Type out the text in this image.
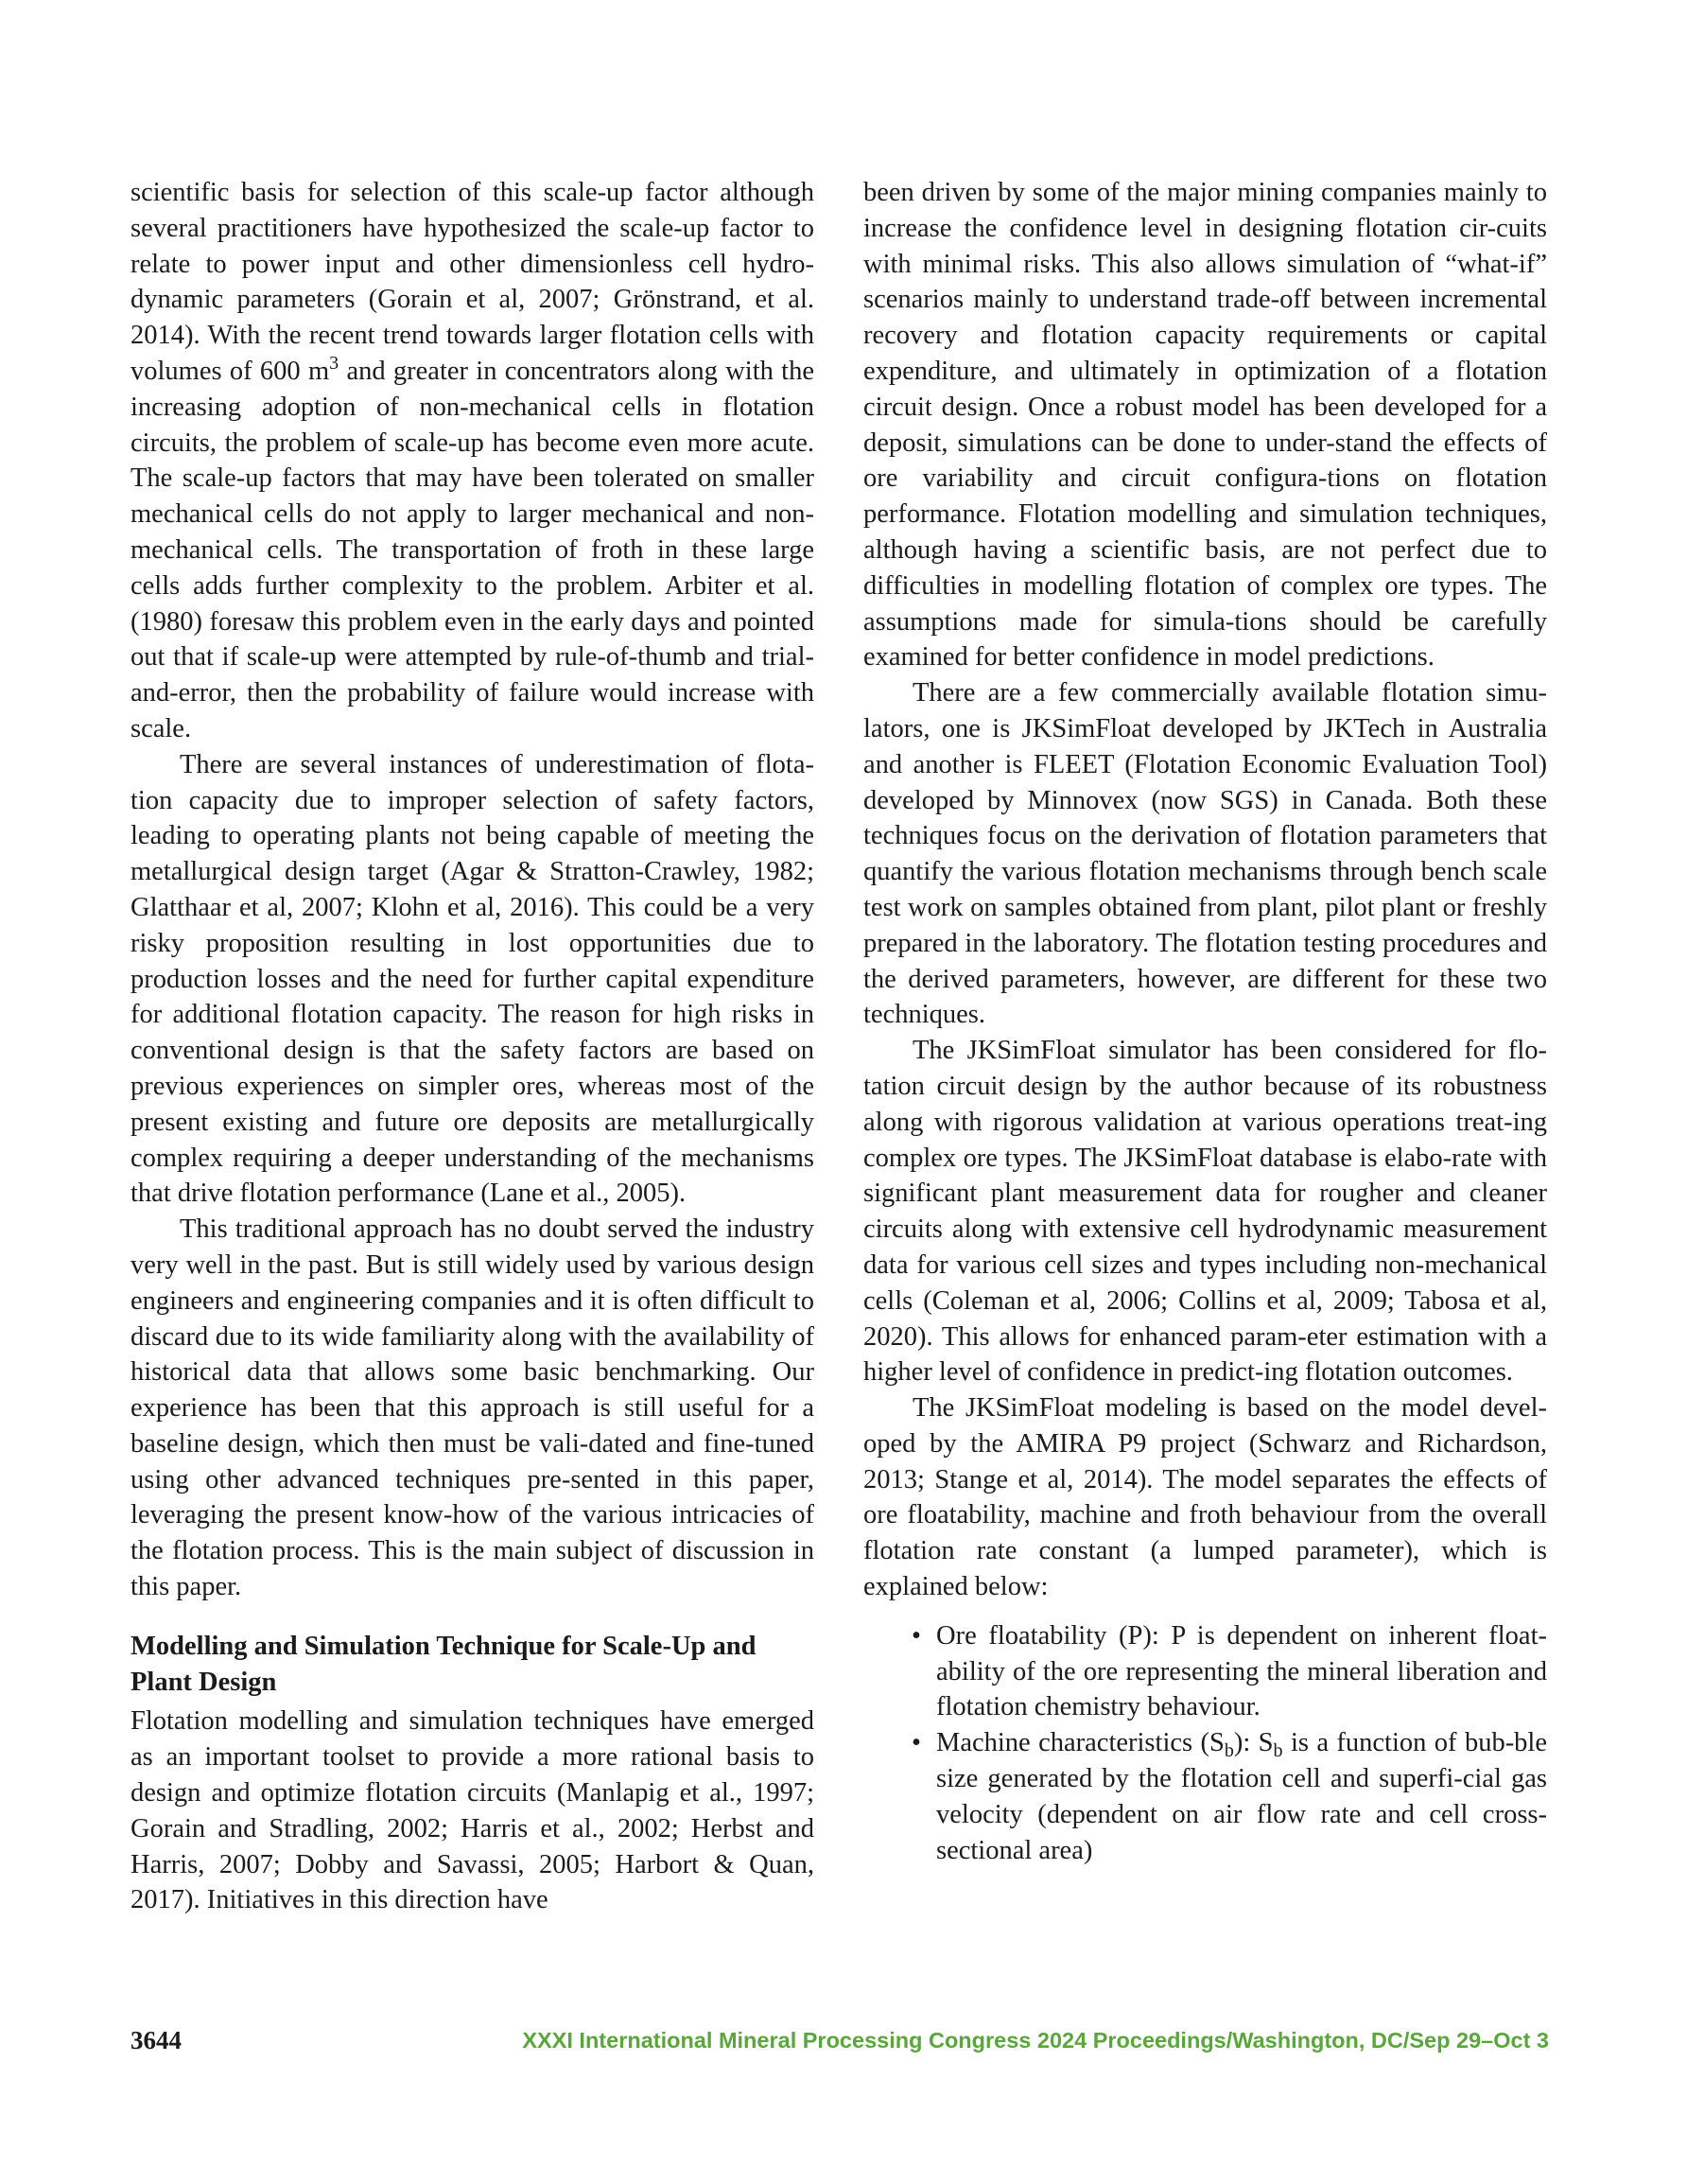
scientific basis for selection of this scale-up factor although several practitioners have hypothesized the scale-up factor to relate to power input and other dimensionless cell hydro-dynamic parameters (Gorain et al, 2007; Grönstrand, et al. 2014). With the recent trend towards larger flotation cells with volumes of 600 $m^3$ and greater in concentrators along with the increasing adoption of non-mechanical cells in flotation circuits, the problem of scale-up has become even more acute. The scale-up factors that may have been tolerated on smaller mechanical cells do not apply to larger mechanical and non-mechanical cells. The transportation of froth in these large cells adds further complexity to the problem. Arbiter et al. (1980) foresaw this problem even in the early days and pointed out that if scale-up were attempted by rule-of-thumb and trial-and-error, then the probability of failure would increase with scale.

There are several instances of underestimation of flota-tion capacity due to improper selection of safety factors, leading to operating plants not being capable of meeting the metallurgical design target (Agar & Stratton-Crawley, 1982; Glatthaar et al, 2007; Klohn et al, 2016). This could be a very risky proposition resulting in lost opportunities due to production losses and the need for further capital expenditure for additional flotation capacity. The reason for high risks in conventional design is that the safety factors are based on previous experiences on simpler ores, whereas most of the present existing and future ore deposits are metallurgically complex requiring a deeper understanding of the mechanisms that drive flotation performance (Lane et al., 2005).

This traditional approach has no doubt served the industry very well in the past. But is still widely used by various design engineers and engineering companies and it is often difficult to discard due to its wide familiarity along with the availability of historical data that allows some basic benchmarking. Our experience has been that this approach is still useful for a baseline design, which then must be vali-dated and fine-tuned using other advanced techniques pre-sented in this paper, leveraging the present know-how of the various intricacies of the flotation process. This is the main subject of discussion in this paper.

Modelling and Simulation Technique for Scale-Up and Plant Design

Flotation modelling and simulation techniques have emerged as an important toolset to provide a more rational basis to design and optimize flotation circuits (Manlapig et al., 1997; Gorain and Stradling, 2002; Harris et al., 2002; Herbst and Harris, 2007; Dobby and Savassi, 2005; Harbort & Quan, 2017). Initiatives in this direction have

been driven by some of the major mining companies mainly to increase the confidence level in designing flotation cir-cuits with minimal risks. This also allows simulation of “what-if” scenarios mainly to understand trade-off between incremental recovery and flotation capacity requirements or capital expenditure, and ultimately in optimization of a flotation circuit design. Once a robust model has been developed for a deposit, simulations can be done to under-stand the effects of ore variability and circuit configura-tions on flotation performance. Flotation modelling and simulation techniques, although having a scientific basis, are not perfect due to difficulties in modelling flotation of complex ore types. The assumptions made for simula-tions should be carefully examined for better confidence in model predictions.

There are a few commercially available flotation simu-lators, one is JKSimFloat developed by JKTech in Australia and another is FLEET (Flotation Economic Evaluation Tool) developed by Minnovex (now SGS) in Canada. Both these techniques focus on the derivation of flotation parameters that quantify the various flotation mechanisms through bench scale test work on samples obtained from plant, pilot plant or freshly prepared in the laboratory. The flotation testing procedures and the derived parameters, however, are different for these two techniques.

The JKSimFloat simulator has been considered for flo-tation circuit design by the author because of its robustness along with rigorous validation at various operations treat-ing complex ore types. The JKSimFloat database is elabo-rate with significant plant measurement data for rougher and cleaner circuits along with extensive cell hydrodynamic measurement data for various cell sizes and types including non-mechanical cells (Coleman et al, 2006; Collins et al, 2009; Tabosa et al, 2020). This allows for enhanced param-eter estimation with a higher level of confidence in predict-ing flotation outcomes.

The JKSimFloat modeling is based on the model devel-oped by the AMIRA P9 project (Schwarz and Richardson, 2013; Stange et al, 2014). The model separates the effects of ore floatability, machine and froth behaviour from the overall flotation rate constant (a lumped parameter), which is explained below:

• Ore floatability (P): P is dependent on inherent float-ability of the ore representing the mineral liberation and flotation chemistry behaviour.
• Machine characteristics $(S_b)$: $S_b$ is a function of bub-ble size generated by the flotation cell and superfi-cial gas velocity (dependent on air flow rate and cell cross-sectional area)
3644	XXXI International Mineral Processing Congress 2024 Proceedings/Washington, DC/Sep 29–Oct 3
